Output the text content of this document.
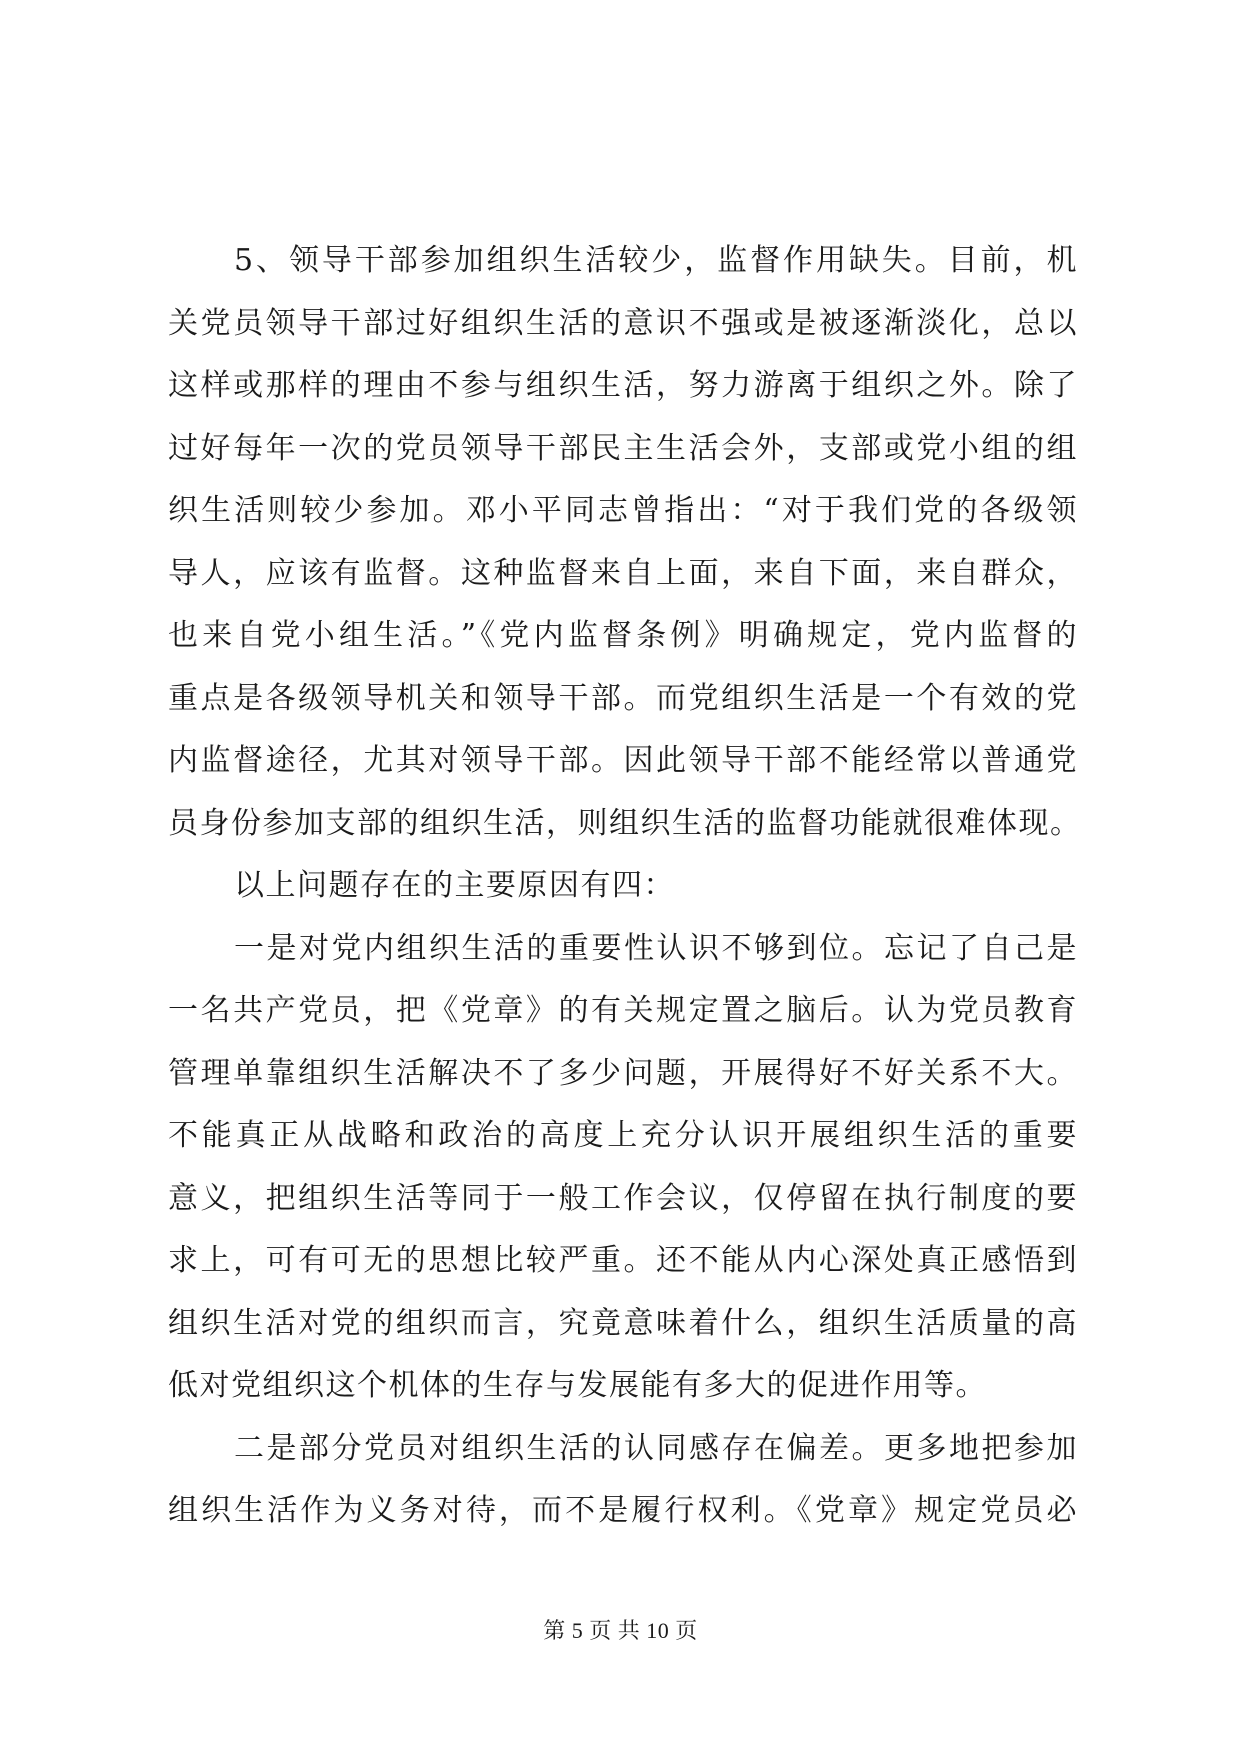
5、领导干部参加组织生活较少，监督作用缺失。目前，机
关党员领导干部过好组织生活的意识不强或是被逐渐淡化，总以
这样或那样的理由不参与组织生活，努力游离于组织之外。除了
过好每年一次的党员领导干部民主生活会外，支部或党小组的组
织生活则较少参加。邓小平同志曾指出：“对于我们党的各级领
导人，应该有监督。这种监督来自上面，来自下面，来自群众，
也来自党小组生活。”《党内监督条例》明确规定，党内监督的
重点是各级领导机关和领导干部。而党组织生活是一个有效的党
内监督途径，尤其对领导干部。因此领导干部不能经常以普通党
员身份参加支部的组织生活，则组织生活的监督功能就很难体现。
以上问题存在的主要原因有四：
一是对党内组织生活的重要性认识不够到位。忘记了自己是
一名共产党员，把《党章》的有关规定置之脑后。认为党员教育
管理单靠组织生活解决不了多少问题，开展得好不好关系不大。
不能真正从战略和政治的高度上充分认识开展组织生活的重要
意义，把组织生活等同于一般工作会议，仅停留在执行制度的要
求上，可有可无的思想比较严重。还不能从内心深处真正感悟到
组织生活对党的组织而言，究竟意味着什么，组织生活质量的高
低对党组织这个机体的生存与发展能有多大的促进作用等。
二是部分党员对组织生活的认同感存在偏差。更多地把参加
组织生活作为义务对待，而不是履行权利。《党章》规定党员必
第 5 页 共 10 页
